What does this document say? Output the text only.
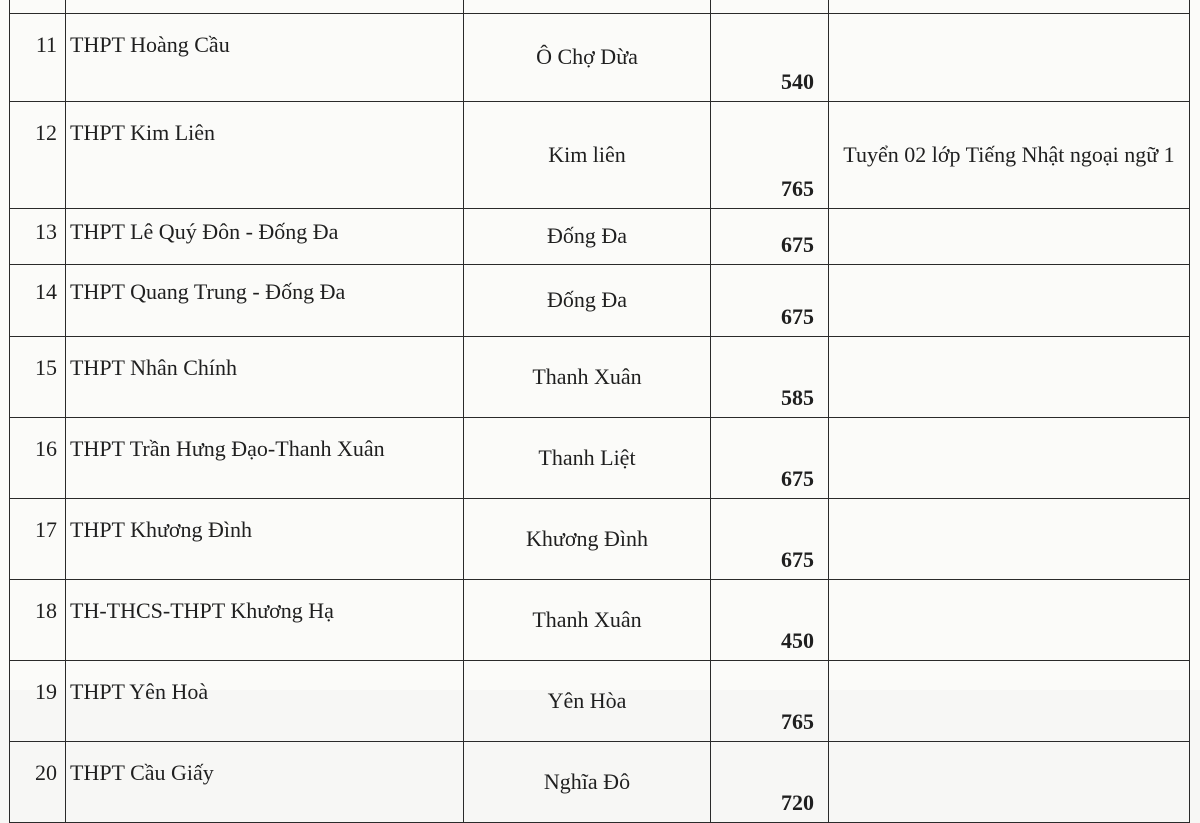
11	THPT Hoàng Cầu	Ô Chợ Dừa	540	
12	THPT Kim Liên	Kim liên	765	Tuyển 02 lớp Tiếng Nhật ngoại ngữ 1
13	THPT Lê Quý Đôn - Đống Đa	Đống Đa	675	
14	THPT Quang Trung - Đống Đa	Đống Đa	675	
15	THPT Nhân Chính	Thanh Xuân	585	
16	THPT Trần Hưng Đạo-Thanh Xuân	Thanh Liệt	675	
17	THPT Khương Đình	Khương Đình	675	
18	TH-THCS-THPT Khương Hạ	Thanh Xuân	450	
19	THPT Yên Hoà	Yên Hòa	765	
20	THPT Cầu Giấy	Nghĩa Đô	720	
